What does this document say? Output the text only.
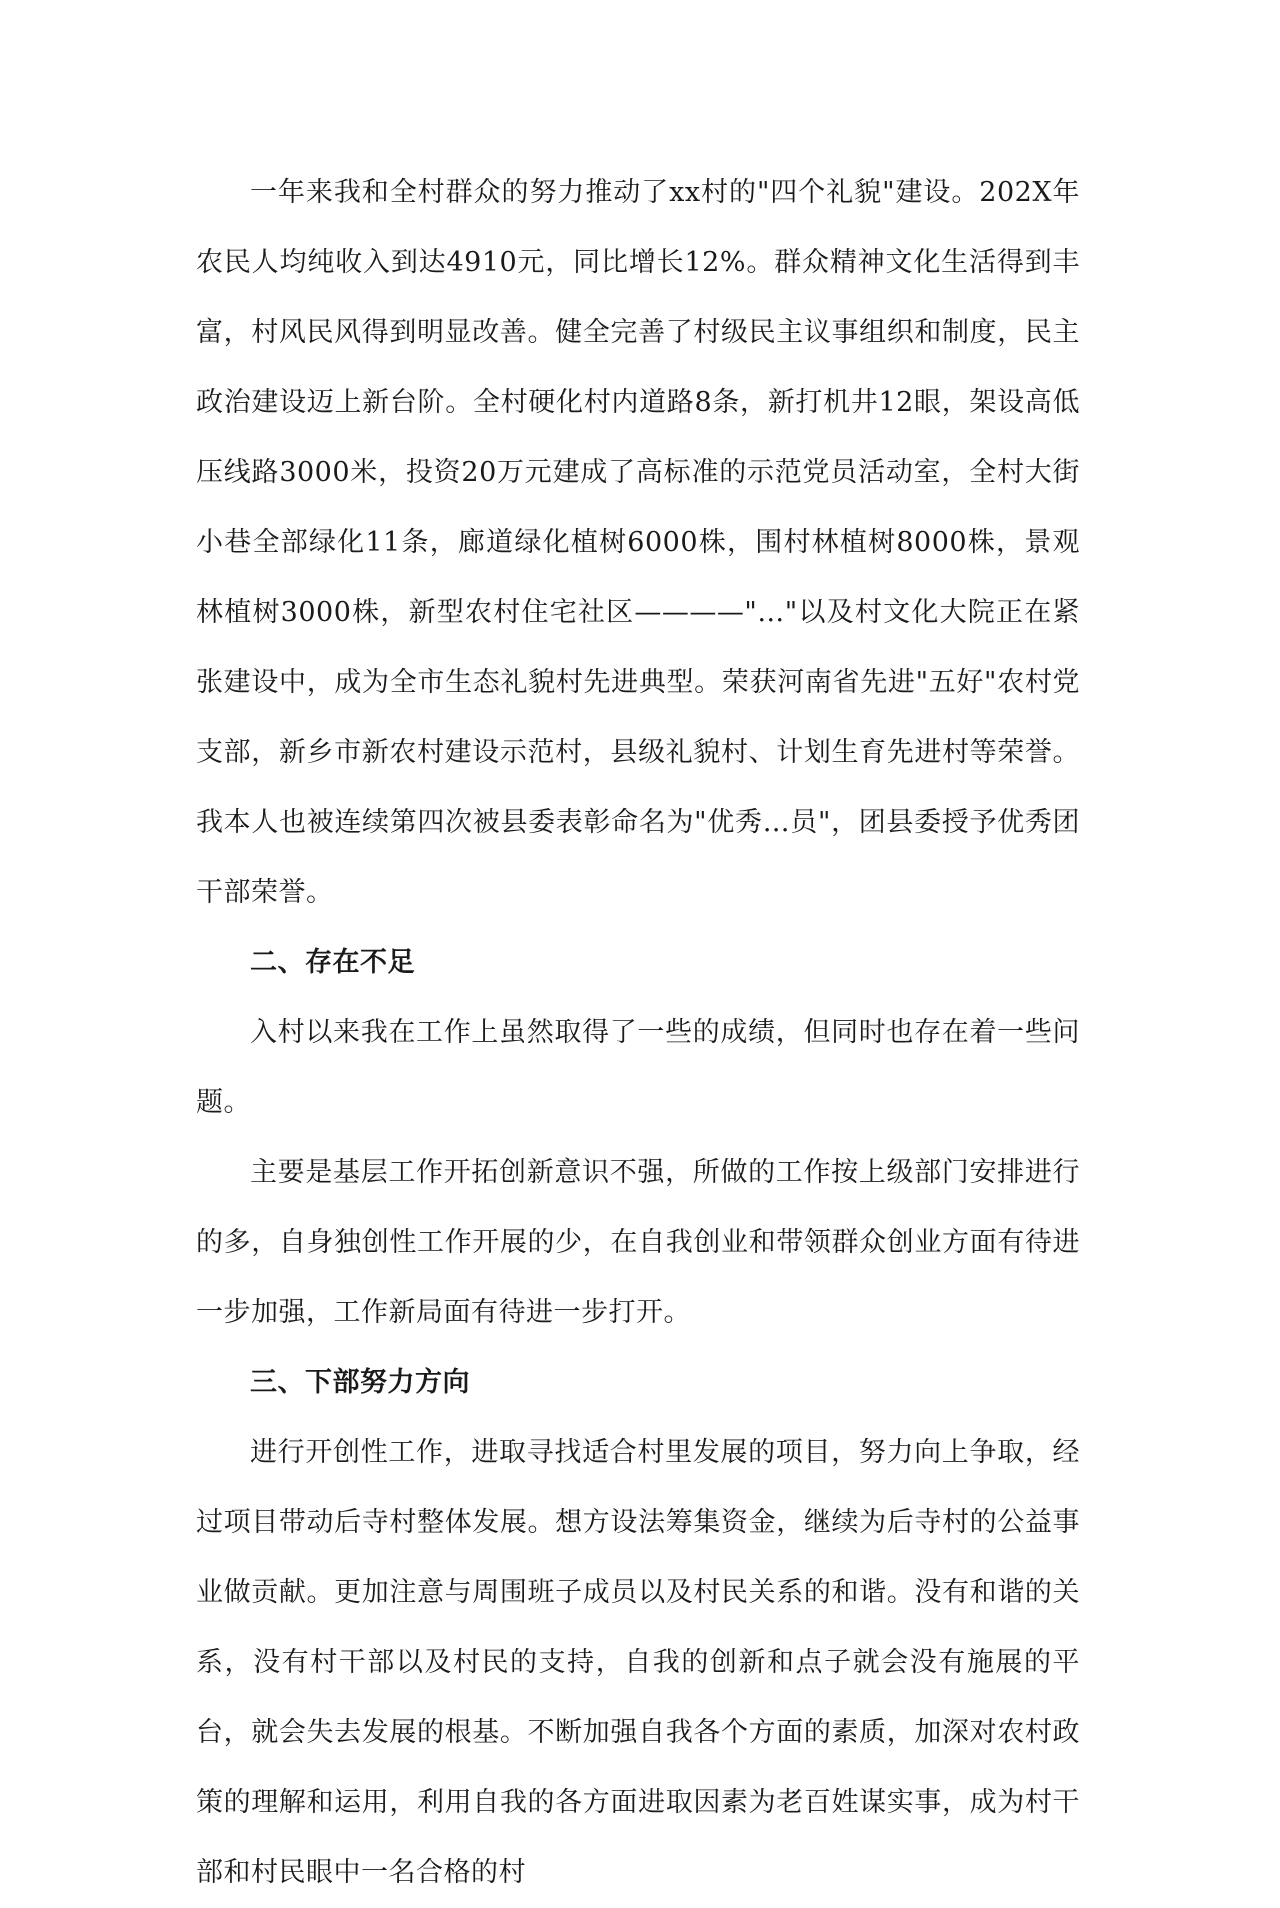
一年来我和全村群众的努力推动了xx村的"四个礼貌"建设。202X年农民人均纯收入到达4910元，同比增长12%。群众精神文化生活得到丰富，村风民风得到明显改善。健全完善了村级民主议事组织和制度，民主政治建设迈上新台阶。全村硬化村内道路8条，新打机井12眼，架设高低压线路3000米，投资20万元建成了高标准的示范党员活动室，全村大街小巷全部绿化11条，廊道绿化植树6000株，围村林植树8000株，景观林植树3000株，新型农村住宅社区————"…"以及村文化大院正在紧张建设中，成为全市生态礼貌村先进典型。荣获河南省先进"五好"农村党支部，新乡市新农村建设示范村，县级礼貌村、计划生育先进村等荣誉。我本人也被连续第四次被县委表彰命名为"优秀…员"，团县委授予优秀团干部荣誉。

二、存在不足

入村以来我在工作上虽然取得了一些的成绩，但同时也存在着一些问题。

主要是基层工作开拓创新意识不强，所做的工作按上级部门安排进行的多，自身独创性工作开展的少，在自我创业和带领群众创业方面有待进一步加强，工作新局面有待进一步打开。

三、下部努力方向

进行开创性工作，进取寻找适合村里发展的项目，努力向上争取，经过项目带动后寺村整体发展。想方设法筹集资金，继续为后寺村的公益事业做贡献。更加注意与周围班子成员以及村民关系的和谐。没有和谐的关系，没有村干部以及村民的支持，自我的创新和点子就会没有施展的平台，就会失去发展的根基。不断加强自我各个方面的素质，加深对农村政策的理解和运用，利用自我的各方面进取因素为老百姓谋实事，成为村干部和村民眼中一名合格的村
